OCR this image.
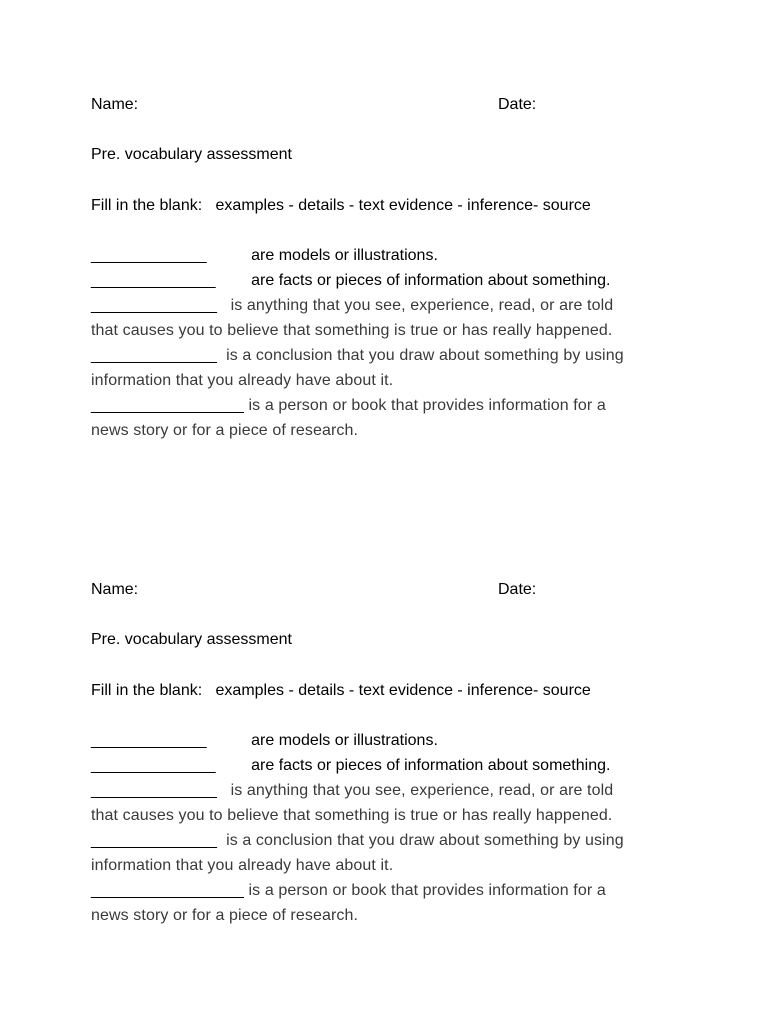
Name:	Date:
Pre. vocabulary assessment
Fill in the blank: examples - details - text evidence - inference- source
_____________	are models or illustrations.
______________ are facts or pieces of information about something.
______________ is anything that you see, experience, read, or are told
that causes you to believe that something is true or has really happened.
______________ is a conclusion that you draw about something by using
information that you already have about it.
_________________ is a person or book that provides information for a
news story or for a piece of research.
Name:	Date:
Pre. vocabulary assessment
Fill in the blank: examples - details - text evidence - inference- source
_____________	are models or illustrations.
______________ are facts or pieces of information about something.
______________ is anything that you see, experience, read, or are told
that causes you to believe that something is true or has really happened.
______________ is a conclusion that you draw about something by using
information that you already have about it.
_________________ is a person or book that provides information for a
news story or for a piece of research.
